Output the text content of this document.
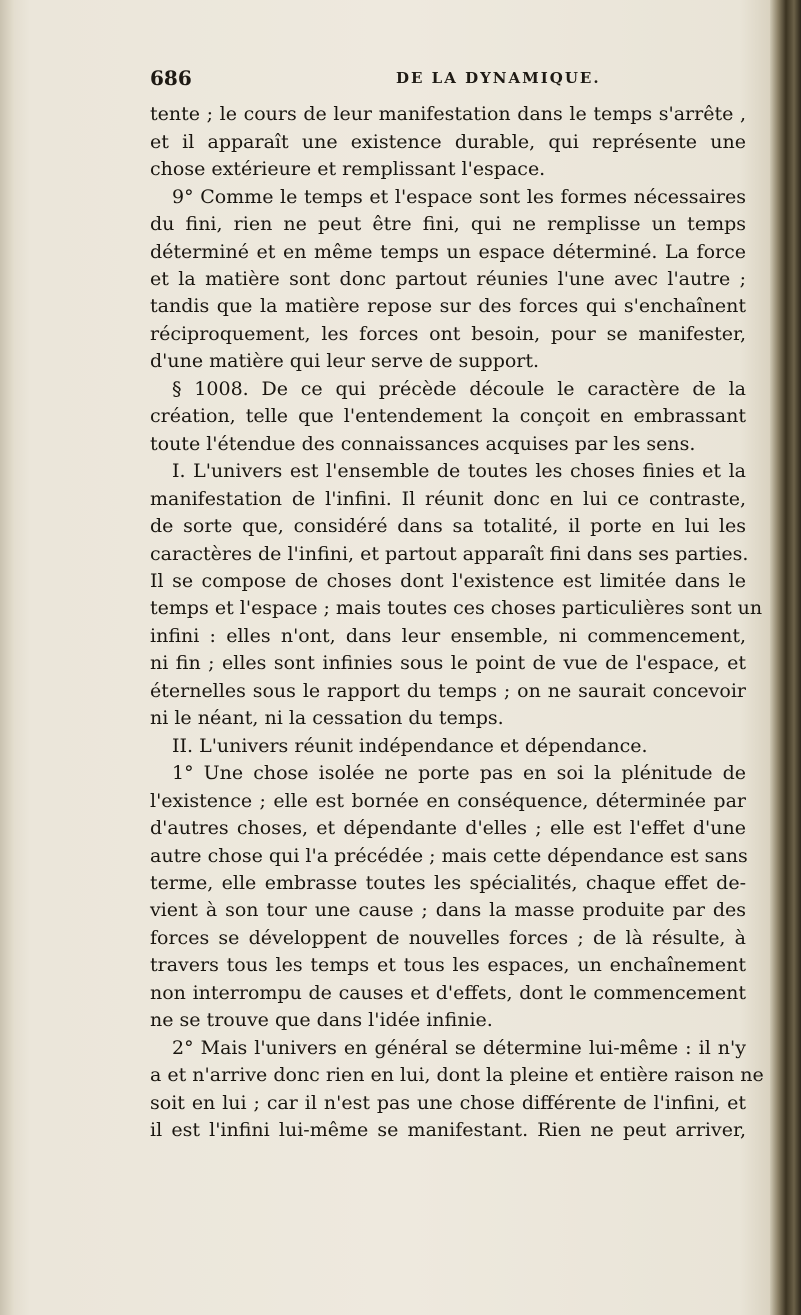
686	DE LA DYNAMIQUE.
tente ; le cours de leur manifestation dans le temps s'arrête ,
et il apparaît une existence durable, qui représente une
chose extérieure et remplissant l'espace.
9° Comme le temps et l'espace sont les formes nécessaires
du fini, rien ne peut être fini, qui ne remplisse un temps
déterminé et en même temps un espace déterminé. La force
et la matière sont donc partout réunies l'une avec l'autre ;
tandis que la matière repose sur des forces qui s'enchaînent
réciproquement, les forces ont besoin, pour se manifester,
d'une matière qui leur serve de support.
§ 1008. De ce qui précède découle le caractère de la
création, telle que l'entendement la conçoit en embrassant
toute l'étendue des connaissances acquises par les sens.
I. L'univers est l'ensemble de toutes les choses finies et la
manifestation de l'infini. Il réunit donc en lui ce contraste,
de sorte que, considéré dans sa totalité, il porte en lui les
caractères de l'infini, et partout apparaît fini dans ses parties.
Il se compose de choses dont l'existence est limitée dans le
temps et l'espace ; mais toutes ces choses particulières sont un
infini : elles n'ont, dans leur ensemble, ni commencement,
ni fin ; elles sont infinies sous le point de vue de l'espace, et
éternelles sous le rapport du temps ; on ne saurait concevoir
ni le néant, ni la cessation du temps.
II. L'univers réunit indépendance et dépendance.
1° Une chose isolée ne porte pas en soi la plénitude de
l'existence ; elle est bornée en conséquence, déterminée par
d'autres choses, et dépendante d'elles ; elle est l'effet d'une
autre chose qui l'a précédée ; mais cette dépendance est sans
terme, elle embrasse toutes les spécialités, chaque effet de-
vient à son tour une cause ; dans la masse produite par des
forces se développent de nouvelles forces ; de là résulte, à
travers tous les temps et tous les espaces, un enchaînement
non interrompu de causes et d'effets, dont le commencement
ne se trouve que dans l'idée infinie.
2° Mais l'univers en général se détermine lui-même : il n'y
a et n'arrive donc rien en lui, dont la pleine et entière raison ne
soit en lui ; car il n'est pas une chose différente de l'infini, et
il est l'infini lui-même se manifestant. Rien ne peut arriver,
